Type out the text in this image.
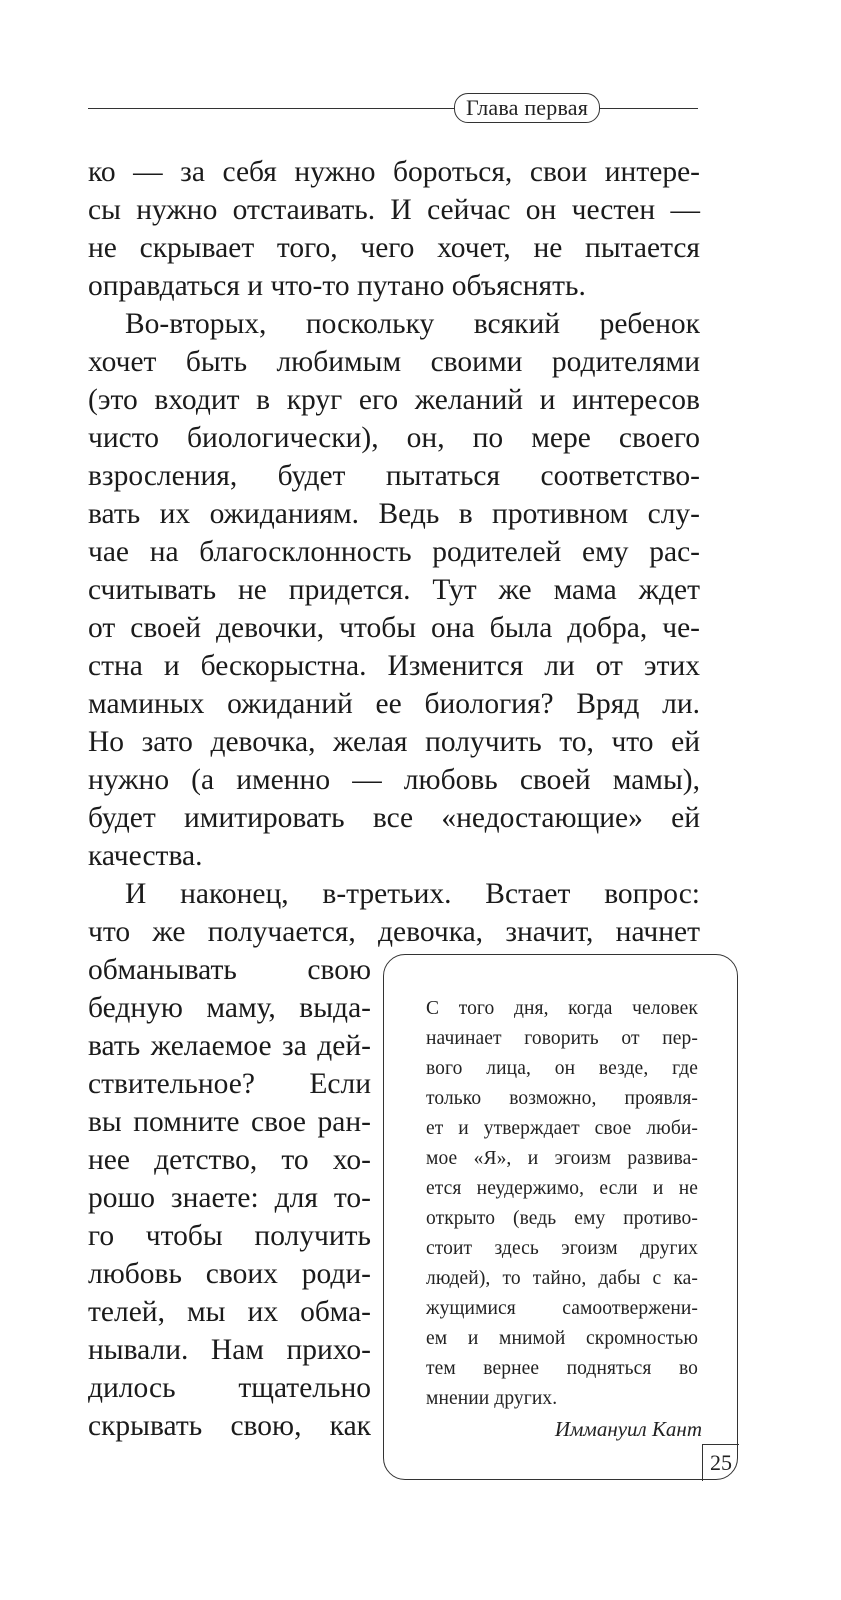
Глава первая
ко — за себя нужно бороться, свои интере-
сы нужно отстаивать. И сейчас он честен —
не скрывает того, чего хочет, не пытается
оправдаться и что-то путано объяснять.
Во-вторых, поскольку всякий ребенок
хочет быть любимым своими родителями
(это входит в круг его желаний и интересов
чисто биологически), он, по мере своего
взросления, будет пытаться соответство-
вать их ожиданиям. Ведь в противном слу-
чае на благосклонность родителей ему рас-
считывать не придется. Тут же мама ждет
от своей девочки, чтобы она была добра, че-
стна и бескорыстна. Изменится ли от этих
маминых ожиданий ее биология? Вряд ли.
Но зато девочка, желая получить то, что ей
нужно (а именно — любовь своей мамы),
будет имитировать все «недостающие» ей
качества.
И наконец, в-третьих. Встает вопрос:
что же получается, девочка, значит, начнет
обманывать свою
бедную маму, выда-
вать желаемое за дей-
ствительное? Если
вы помните свое ран-
нее детство, то хо-
рошо знаете: для то-
го чтобы получить
любовь своих роди-
телей, мы их обма-
нывали. Нам прихо-
дилось тщательно
скрывать свою, как
С того дня, когда человек
начинает говорить от пер-
вого лица, он везде, где
только возможно, проявля-
ет и утверждает свое люби-
мое «Я», и эгоизм развива-
ется неудержимо, если и не
открыто (ведь ему противо-
стоит здесь эгоизм других
людей), то тайно, дабы с ка-
жущимися самоотвержени-
ем и мнимой скромностью
тем вернее подняться во
мнении других.
Иммануил Кант
25
